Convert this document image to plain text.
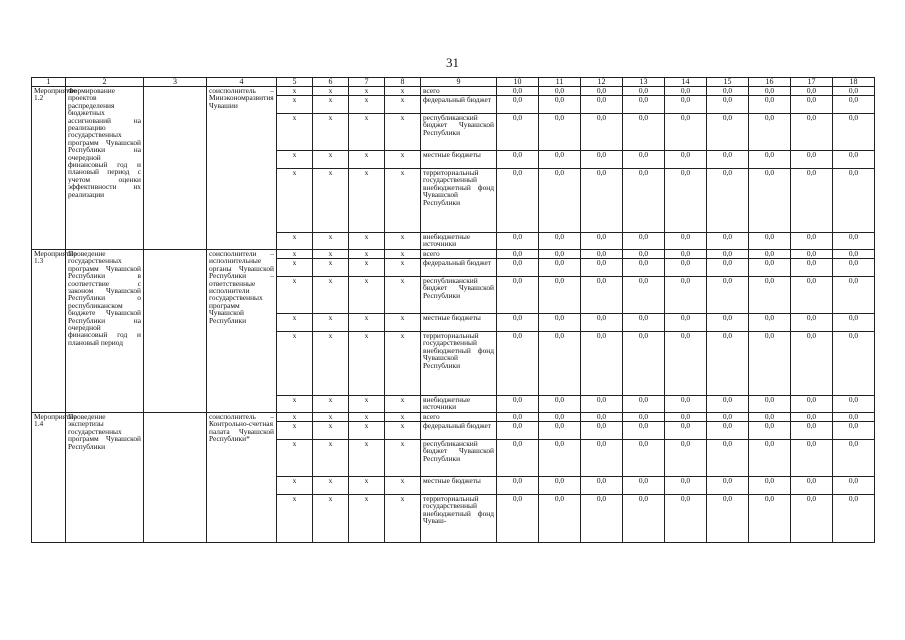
31
1	2	3	4	5	6	7	8	9	10	11	12	13	14	15	16	17	18
Мероприятие 1.2	Формирование проектов распределения бюджетных ассигнований на реализацию государственных программ Чувашской Республики на очередной финансовый год и плановый период с учетом оценки эффективности их реализации		соисполнитель – Минэкономразвития Чувашии	x	x	x	x	всего	0,0	0,0	0,0	0,0	0,0	0,0	0,0	0,0	0,0
				x	x	x	x	федеральный бюджет	0,0	0,0	0,0	0,0	0,0	0,0	0,0	0,0	0,0
				x	x	x	x	республиканский бюджет Чувашской Республики	0,0	0,0	0,0	0,0	0,0	0,0	0,0	0,0	0,0
				x	x	x	x	местные бюджеты	0,0	0,0	0,0	0,0	0,0	0,0	0,0	0,0	0,0
				x	x	x	x	территориальный государственный внебюджетный фонд Чувашской Республики	0,0	0,0	0,0	0,0	0,0	0,0	0,0	0,0	0,0
				x	x	x	x	внебюджетные источники	0,0	0,0	0,0	0,0	0,0	0,0	0,0	0,0	0,0
Мероприятие 1.3	Проведение государственных программ Чувашской Республики в соответствие с законом Чувашской Республики о республиканском бюджете Чувашской Республики на очередной финансовый год и плановый период		соисполнители – исполнительные органы Чувашской Республики – ответственные исполнители государственных программ Чувашской Республики	x	x	x	x	всего	0,0	0,0	0,0	0,0	0,0	0,0	0,0	0,0	0,0
				x	x	x	x	федеральный бюджет	0,0	0,0	0,0	0,0	0,0	0,0	0,0	0,0	0,0
				x	x	x	x	республиканский бюджет Чувашской Республики	0,0	0,0	0,0	0,0	0,0	0,0	0,0	0,0	0,0
				x	x	x	x	местные бюджеты	0,0	0,0	0,0	0,0	0,0	0,0	0,0	0,0	0,0
				x	x	x	x	территориальный государственный внебюджетный фонд Чувашской Республики	0,0	0,0	0,0	0,0	0,0	0,0	0,0	0,0	0,0
				x	x	x	x	внебюджетные источники	0,0	0,0	0,0	0,0	0,0	0,0	0,0	0,0	0,0
Мероприятие 1.4	Проведение экспертизы государственных программ Чувашской Республики		соисполнитель – Контрольно-счетная палата Чувашской Республики*	x	x	x	x	всего	0,0	0,0	0,0	0,0	0,0	0,0	0,0	0,0	0,0
				x	x	x	x	федеральный бюджет	0,0	0,0	0,0	0,0	0,0	0,0	0,0	0,0	0,0
				x	x	x	x	республиканский бюджет Чувашской Республики	0,0	0,0	0,0	0,0	0,0	0,0	0,0	0,0	0,0
				x	x	x	x	местные бюджеты	0,0	0,0	0,0	0,0	0,0	0,0	0,0	0,0	0,0
				x	x	x	x	территориальный государственный внебюджетный фонд Чуваш-	0,0	0,0	0,0	0,0	0,0	0,0	0,0	0,0	0,0
